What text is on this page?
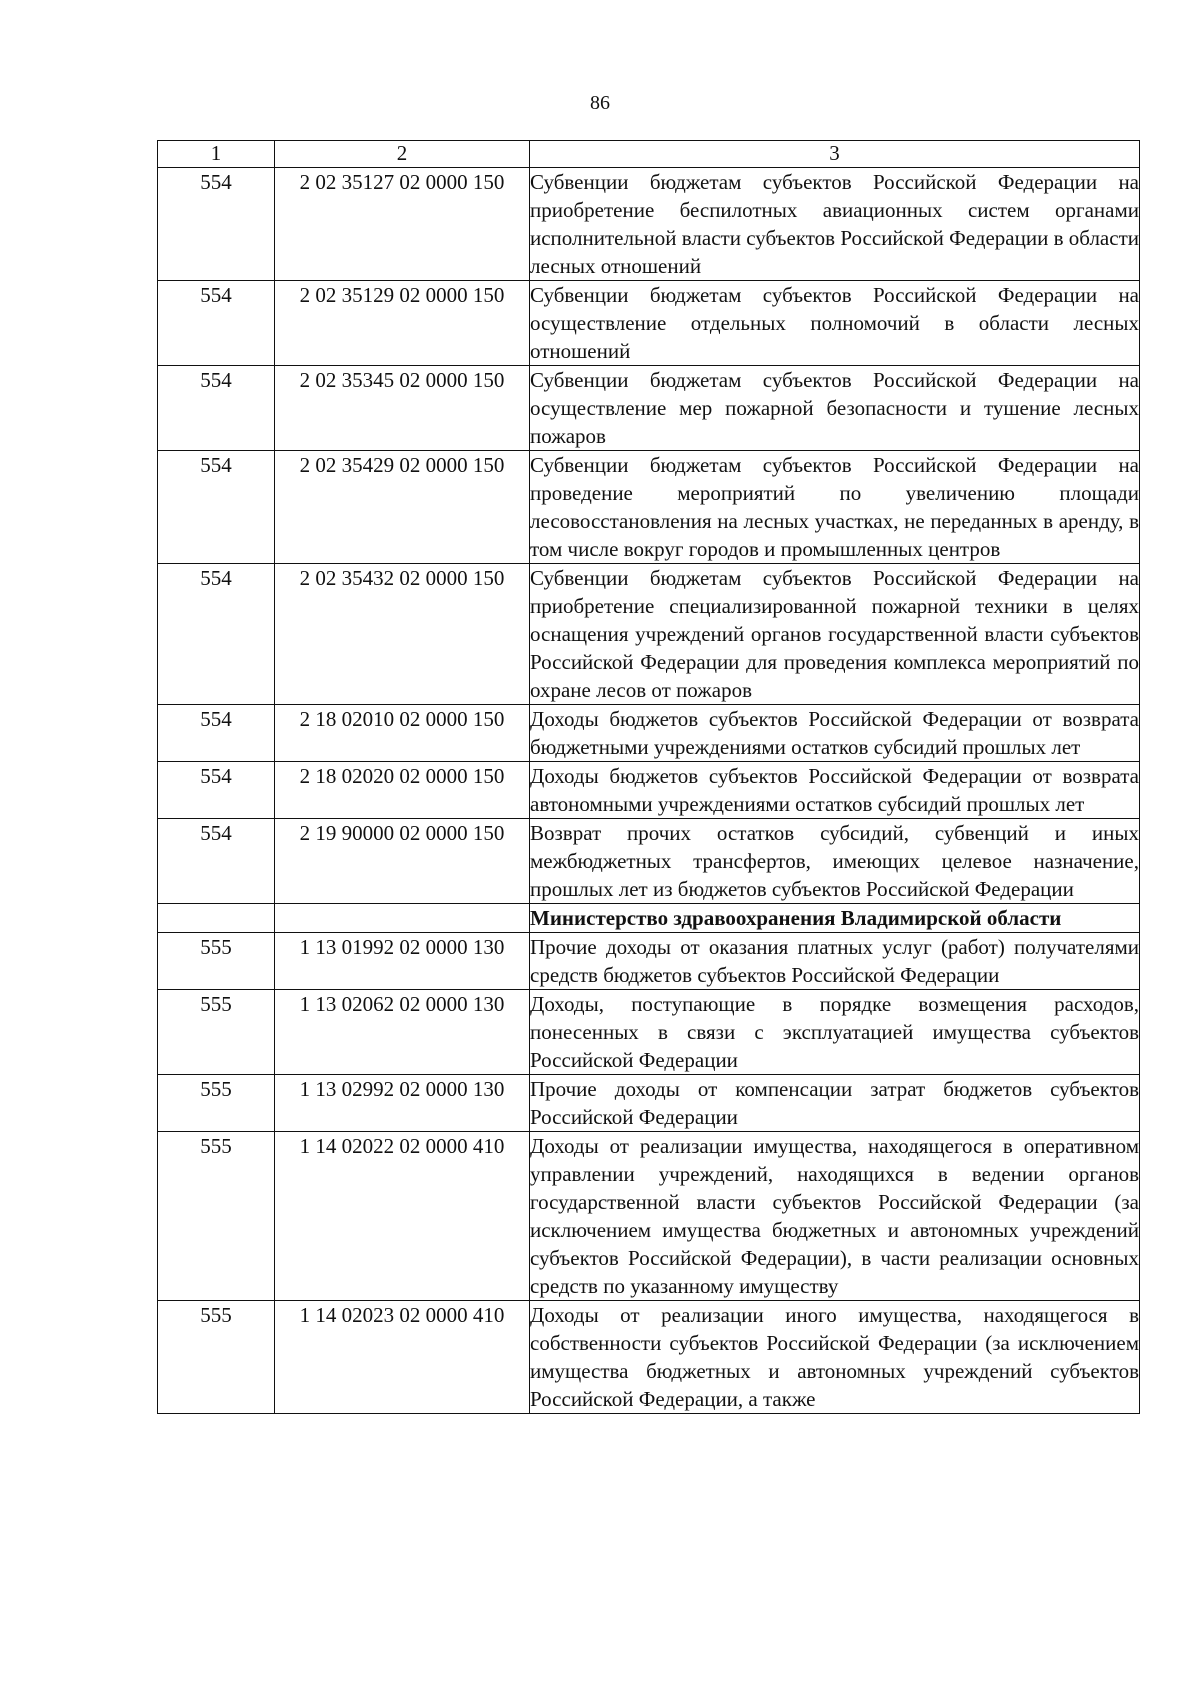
86
1	2	3
554	2 02 35127 02 0000 150	Субвенции бюджетам субъектов Российской Федерации на приобретение беспилотных авиационных систем органами исполнительной власти субъектов Российской Федерации в области лесных отношений
554	2 02 35129 02 0000 150	Субвенции бюджетам субъектов Российской Федерации на осуществление отдельных полномочий в области лесных отношений
554	2 02 35345 02 0000 150	Субвенции бюджетам субъектов Российской Федерации на осуществление мер пожарной безопасности и тушение лесных пожаров
554	2 02 35429 02 0000 150	Субвенции бюджетам субъектов Российской Федерации на проведение мероприятий по увеличению площади лесовосстановления на лесных участках, не переданных в аренду, в том числе вокруг городов и промышленных центров
554	2 02 35432 02 0000 150	Субвенции бюджетам субъектов Российской Федерации на приобретение специализированной пожарной техники в целях оснащения учреждений органов государственной власти субъектов Российской Федерации для проведения комплекса мероприятий по охране лесов от пожаров
554	2 18 02010 02 0000 150	Доходы бюджетов субъектов Российской Федерации от возврата бюджетными учреждениями остатков субсидий прошлых лет
554	2 18 02020 02 0000 150	Доходы бюджетов субъектов Российской Федерации от возврата автономными учреждениями остатков субсидий прошлых лет
554	2 19 90000 02 0000 150	Возврат прочих остатков субсидий, субвенций и иных межбюджетных трансфертов, имеющих целевое назначение, прошлых лет из бюджетов субъектов Российской Федерации
		Министерство здравоохранения Владимирской области
555	1 13 01992 02 0000 130	Прочие доходы от оказания платных услуг (работ) получателями средств бюджетов субъектов Российской Федерации
555	1 13 02062 02 0000 130	Доходы, поступающие в порядке возмещения расходов, понесенных в связи с эксплуатацией имущества субъектов Российской Федерации
555	1 13 02992 02 0000 130	Прочие доходы от компенсации затрат бюджетов субъектов Российской Федерации
555	1 14 02022 02 0000 410	Доходы от реализации имущества, находящегося в оперативном управлении учреждений, находящихся в ведении органов государственной власти субъектов Российской Федерации (за исключением имущества бюджетных и автономных учреждений субъектов Российской Федерации), в части реализации основных средств по указанному имуществу
555	1 14 02023 02 0000 410	Доходы от реализации иного имущества, находящегося в собственности субъектов Российской Федерации (за исключением имущества бюджетных и автономных учреждений субъектов Российской Федерации, а также
